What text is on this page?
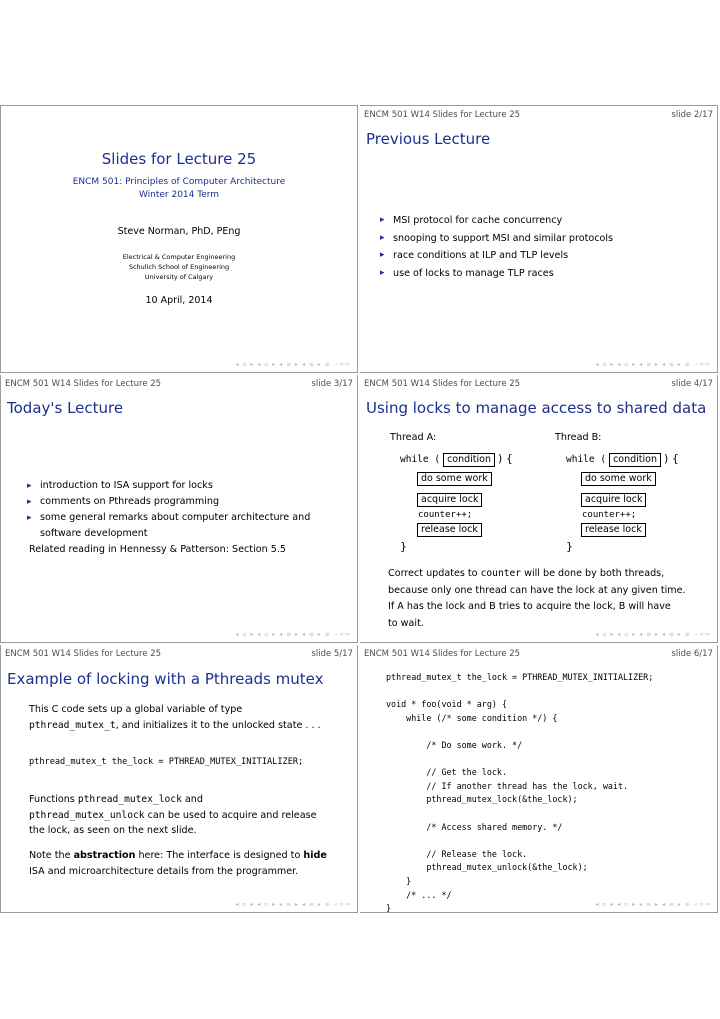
Slides for Lecture 25
ENCM 501: Principles of Computer Architecture
Winter 2014 Term
Steve Norman, PhD, PEng
Electrical & Computer Engineering
Schulich School of Engineering
University of Calgary
10 April, 2014
◂ ▫ ▸ ◂ ▫ ▸ ◂ ≡ ▸ ◂ ≡ ▸ ≡ ∽∝∾
ENCM 501 W14 Slides for Lecture 25	slide 2/17
Previous Lecture
▸ MSI protocol for cache concurrency
▸ snooping to support MSI and similar protocols
▸ race conditions at ILP and TLP levels
▸ use of locks to manage TLP races
◂ ▫ ▸ ◂ ▫ ▸ ◂ ≡ ▸ ◂ ≡ ▸ ≡ ∽∝∾
ENCM 501 W14 Slides for Lecture 25	slide 3/17
Today's Lecture
▸ introduction to ISA support for locks
▸ comments on Pthreads programming
▸ some general remarks about computer architecture and software development
Related reading in Hennessy & Patterson: Section 5.5
◂ ▫ ▸ ◂ ▫ ▸ ◂ ≡ ▸ ◂ ≡ ▸ ≡ ∽∝∾
ENCM 501 W14 Slides for Lecture 25	slide 4/17
Using locks to manage access to shared data
Thread A:
while ( condition ) {
do some work
acquire lock
counter++;
release lock
}
Thread B:
while ( condition ) {
do some work
acquire lock
counter++;
release lock
}
Correct updates to counter will be done by both threads,
because only one thread can have the lock at any given time.
If A has the lock and B tries to acquire the lock, B will have
to wait.
◂ ▫ ▸ ◂ ▫ ▸ ◂ ≡ ▸ ◂ ≡ ▸ ≡ ∽∝∾
ENCM 501 W14 Slides for Lecture 25	slide 5/17
Example of locking with a Pthreads mutex
This C code sets up a global variable of type
pthread_mutex_t, and initializes it to the unlocked state . . .
pthread_mutex_t the_lock = PTHREAD_MUTEX_INITIALIZER;
Functions pthread_mutex_lock and
pthread_mutex_unlock can be used to acquire and release
the lock, as seen on the next slide.
Note the abstraction here: The interface is designed to hide
ISA and microarchitecture details from the programmer.
◂ ▫ ▸ ◂ ▫ ▸ ◂ ≡ ▸ ◂ ≡ ▸ ≡ ∽∝∾
ENCM 501 W14 Slides for Lecture 25	slide 6/17
pthread_mutex_t the_lock = PTHREAD_MUTEX_INITIALIZER;
void * foo(void * arg) {
while (/* some condition */) {
/* Do some work. */
// Get the lock.
// If another thread has the lock, wait.
pthread_mutex_lock(&the_lock);
/* Access shared memory. */
// Release the lock.
pthread_mutex_unlock(&the_lock);
}
/* ... */
}	◂ ▫ ▸ ◂ ▫ ▸ ◂ ≡ ▸ ◂ ≡ ▸ ≡ ∽∝∾
